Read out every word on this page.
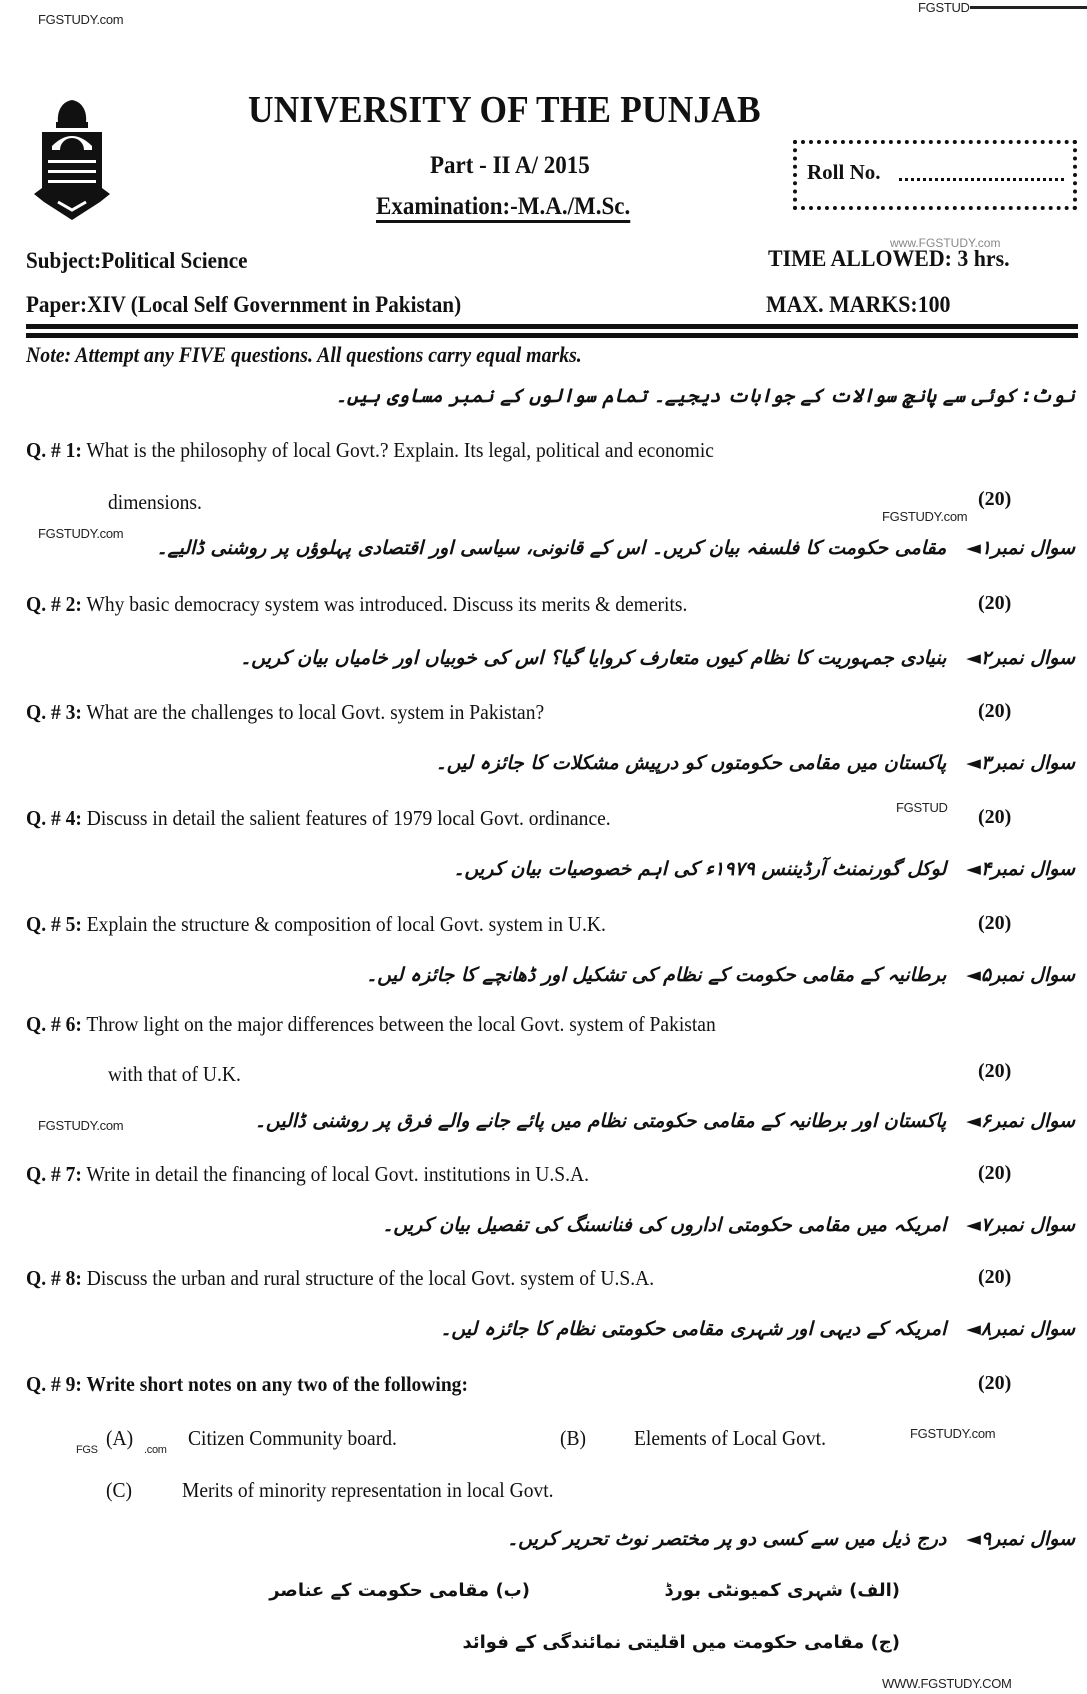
FGSTUDY.com
FGSTUD
UNIVERSITY OF THE PUNJAB
Part - II A/ 2015
Examination:-M.A./M.Sc.
Roll No.
www.FGSTUDY.com
Subject:Political Science	TIME ALLOWED: 3 hrs.
Paper:XIV (Local Self Government in Pakistan)	MAX. MARKS:100
Note: Attempt any FIVE questions. All questions carry equal marks.
نوٹ: کوئی سے پانچ سوالات کے جوابات دیجیے۔ تمام سوالوں کے نمبر مساوی ہیں۔
Q. # 1: What is the philosophy of local Govt.? Explain. Its legal, political and economic
dimensions.	(20)
FGSTUDY.com
FGSTUDY.com
سوال نمبر۱◄   مقامی حکومت کا فلسفہ بیان کریں۔ اس کے قانونی، سیاسی اور اقتصادی پہلوؤں پر روشنی ڈالیے۔
Q. # 2: Why basic democracy system was introduced. Discuss its merits & demerits.	(20)
سوال نمبر۲◄   بنیادی جمہوریت کا نظام کیوں متعارف کروایا گیا؟ اس کی خوبیاں اور خامیاں بیان کریں۔
Q. # 3: What are the challenges to local Govt. system in Pakistan?	(20)
سوال نمبر۳◄   پاکستان میں مقامی حکومتوں کو درپیش مشکلات کا جائزہ لیں۔
Q. # 4: Discuss in detail the salient features of 1979 local Govt. ordinance.	FGSTUD (20)
سوال نمبر۴◄   لوکل گورنمنٹ آرڈیننس ۱۹۷۹ء کی اہم خصوصیات بیان کریں۔
Q. # 5: Explain the structure & composition of local Govt. system in U.K.	(20)
سوال نمبر۵◄   برطانیہ کے مقامی حکومت کے نظام کی تشکیل اور ڈھانچے کا جائزہ لیں۔
Q. # 6: Throw light on the major differences between the local Govt. system of Pakistan
with that of U.K.	(20)
FGSTUDY.com	سوال نمبر۶◄   پاکستان اور برطانیہ کے مقامی حکومتی نظام میں پائے جانے والے فرق پر روشنی ڈالیں۔
Q. # 7: Write in detail the financing of local Govt. institutions in U.S.A.	(20)
سوال نمبر۷◄   امریکہ میں مقامی حکومتی اداروں کی فنانسنگ کی تفصیل بیان کریں۔
Q. # 8: Discuss the urban and rural structure of the local Govt. system of U.S.A.	(20)
سوال نمبر۸◄   امریکہ کے دیہی اور شہری مقامی حکومتی نظام کا جائزہ لیں۔
Q. # 9: Write short notes on any two of the following:	(20)
FGS (A) .com Citizen Community board.	(B) Elements of Local Govt.	FGSTUDY.com
(C) Merits of minority representation in local Govt.
سوال نمبر۹◄   درج ذیل میں سے کسی دو پر مختصر نوٹ تحریر کریں۔
(الف) شہری کمیونٹی بورڈ
(ب) مقامی حکومت کے عناصر
(ج) مقامی حکومت میں اقلیتی نمائندگی کے فوائد
WWW.FGSTUDY.COM
